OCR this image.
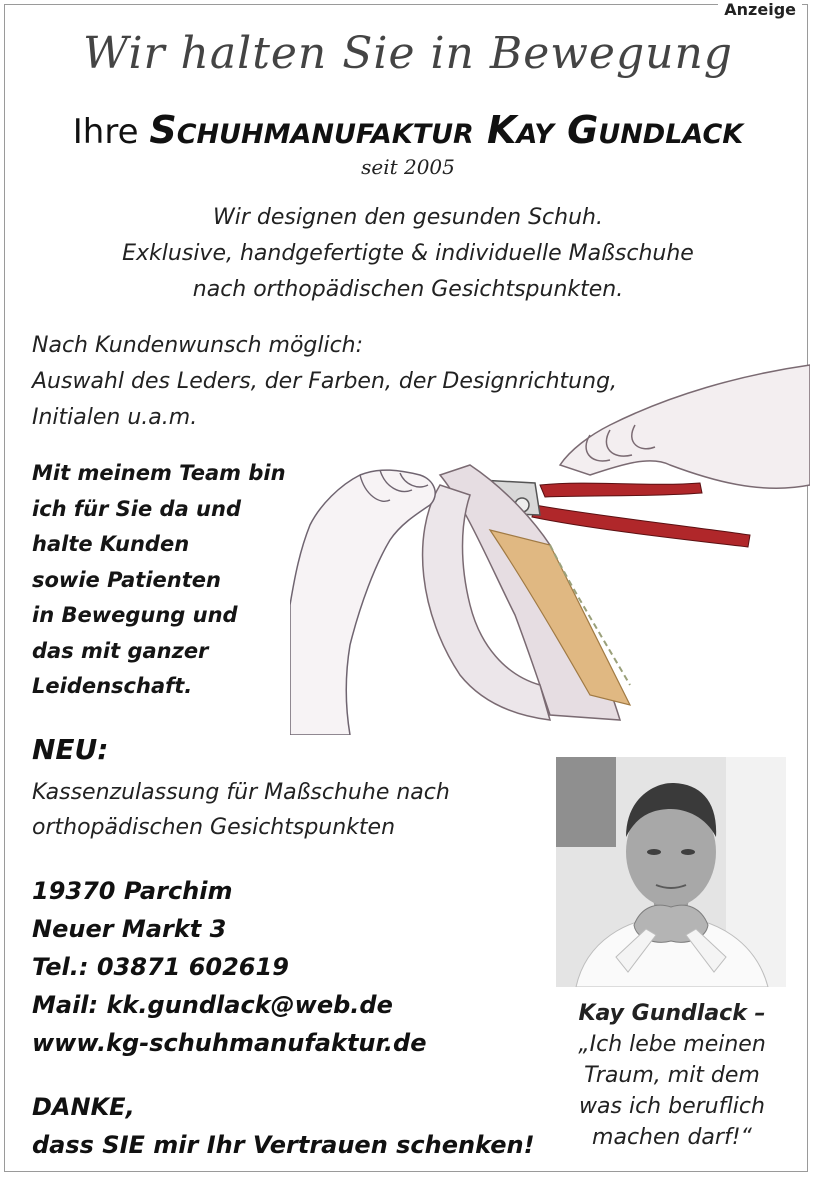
Anzeige
Wir halten Sie in Bewegung
Ihre Schuhmanufaktur Kay Gundlack
seit 2005
Wir designen den gesunden Schuh.
Exklusive, handgefertigte & individuelle Maßschuhe
nach orthopädischen Gesichtspunkten.
Nach Kundenwunsch möglich:
Auswahl des Leders, der Farben, der Designrichtung,
Initialen u.a.m.
Mit meinem Team bin
ich für Sie da und
halte Kunden
sowie Patienten
in Bewegung und
das mit ganzer
Leidenschaft.
NEU:
Kassenzulassung für Maßschuhe nach
orthopädischen Gesichtspunkten
19370 Parchim
Neuer Markt 3
Tel.: 03871 602619
Mail: kk.gundlack@web.de
www.kg-schuhmanufaktur.de
DANKE,
dass SIE mir Ihr Vertrauen schenken!
Kay Gundlack –
„Ich lebe meinen
Traum, mit dem
was ich beruflich
machen darf!“
